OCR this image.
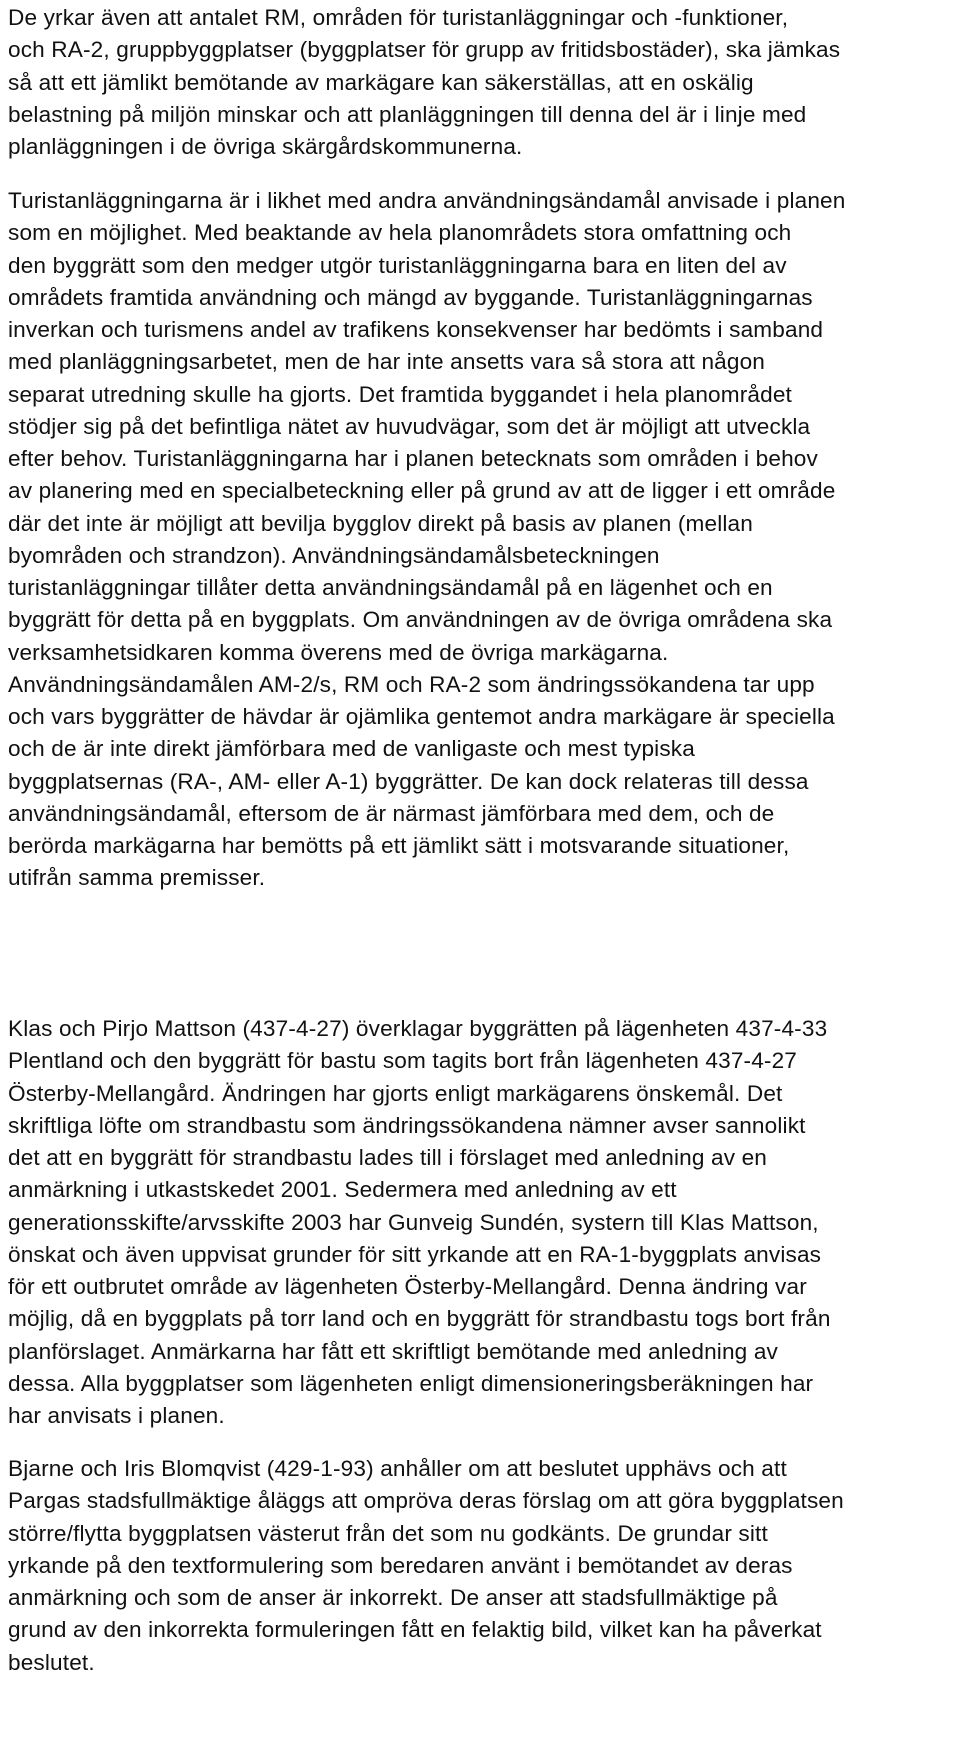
De yrkar även att antalet RM, områden för turistanläggningar och -funktioner,
och RA-2, gruppbyggplatser (byggplatser för grupp av fritidsbostäder), ska jämkas
så att ett jämlikt bemötande av markägare kan säkerställas, att en oskälig
belastning på miljön minskar och att planläggningen till denna del är i linje med
planläggningen i de övriga skärgårdskommunerna.
Turistanläggningarna är i likhet med andra användningsändamål anvisade i planen
som en möjlighet. Med beaktande av hela planområdets stora omfattning och
den byggrätt som den medger utgör turistanläggningarna bara en liten del av
områdets framtida användning och mängd av byggande. Turistanläggningarnas
inverkan och turismens andel av trafikens konsekvenser har bedömts i samband
med planläggningsarbetet, men de har inte ansetts vara så stora att någon
separat utredning skulle ha gjorts. Det framtida byggandet i hela planområdet
stödjer sig på det befintliga nätet av huvudvägar, som det är möjligt att utveckla
efter behov. Turistanläggningarna har i planen betecknats som områden i behov
av planering med en specialbeteckning eller på grund av att de ligger i ett område
där det inte är möjligt att bevilja bygglov direkt på basis av planen (mellan
byområden och strandzon). Användningsändamålsbeteckningen
turistanläggningar tillåter detta användningsändamål på en lägenhet och en
byggrätt för detta på en byggplats. Om användningen av de övriga områdena ska
verksamhetsidkaren komma överens med de övriga markägarna.
Användningsändamålen AM-2/s, RM och RA-2 som ändringssökandena tar upp
och vars byggrätter de hävdar är ojämlika gentemot andra markägare är speciella
och de är inte direkt jämförbara med de vanligaste och mest typiska
byggplatsernas (RA-, AM- eller A-1) byggrätter. De kan dock relateras till dessa
användningsändamål, eftersom de är närmast jämförbara med dem, och de
berörda markägarna har bemötts på ett jämlikt sätt i motsvarande situationer,
utifrån samma premisser.
Klas och Pirjo Mattson (437-4-27) överklagar byggrätten på lägenheten 437-4-33
Plentland och den byggrätt för bastu som tagits bort från lägenheten 437-4-27
Österby-Mellangård. Ändringen har gjorts enligt markägarens önskemål. Det
skriftliga löfte om strandbastu som ändringssökandena nämner avser sannolikt
det att en byggrätt för strandbastu lades till i förslaget med anledning av en
anmärkning i utkastskedet 2001. Sedermera med anledning av ett
generationsskifte/arvsskifte 2003 har Gunveig Sundén, systern till Klas Mattson,
önskat och även uppvisat grunder för sitt yrkande att en RA-1-byggplats anvisas
för ett outbrutet område av lägenheten Österby-Mellangård. Denna ändring var
möjlig, då en byggplats på torr land och en byggrätt för strandbastu togs bort från
planförslaget. Anmärkarna har fått ett skriftligt bemötande med anledning av
dessa. Alla byggplatser som lägenheten enligt dimensioneringsberäkningen har
har anvisats i planen.
Bjarne och Iris Blomqvist (429-1-93) anhåller om att beslutet upphävs och att
Pargas stadsfullmäktige åläggs att ompröva deras förslag om att göra byggplatsen
större/flytta byggplatsen västerut från det som nu godkänts. De grundar sitt
yrkande på den textformulering som beredaren använt i bemötandet av deras
anmärkning och som de anser är inkorrekt. De anser att stadsfullmäktige på
grund av den inkorrekta formuleringen fått en felaktig bild, vilket kan ha påverkat
beslutet.
